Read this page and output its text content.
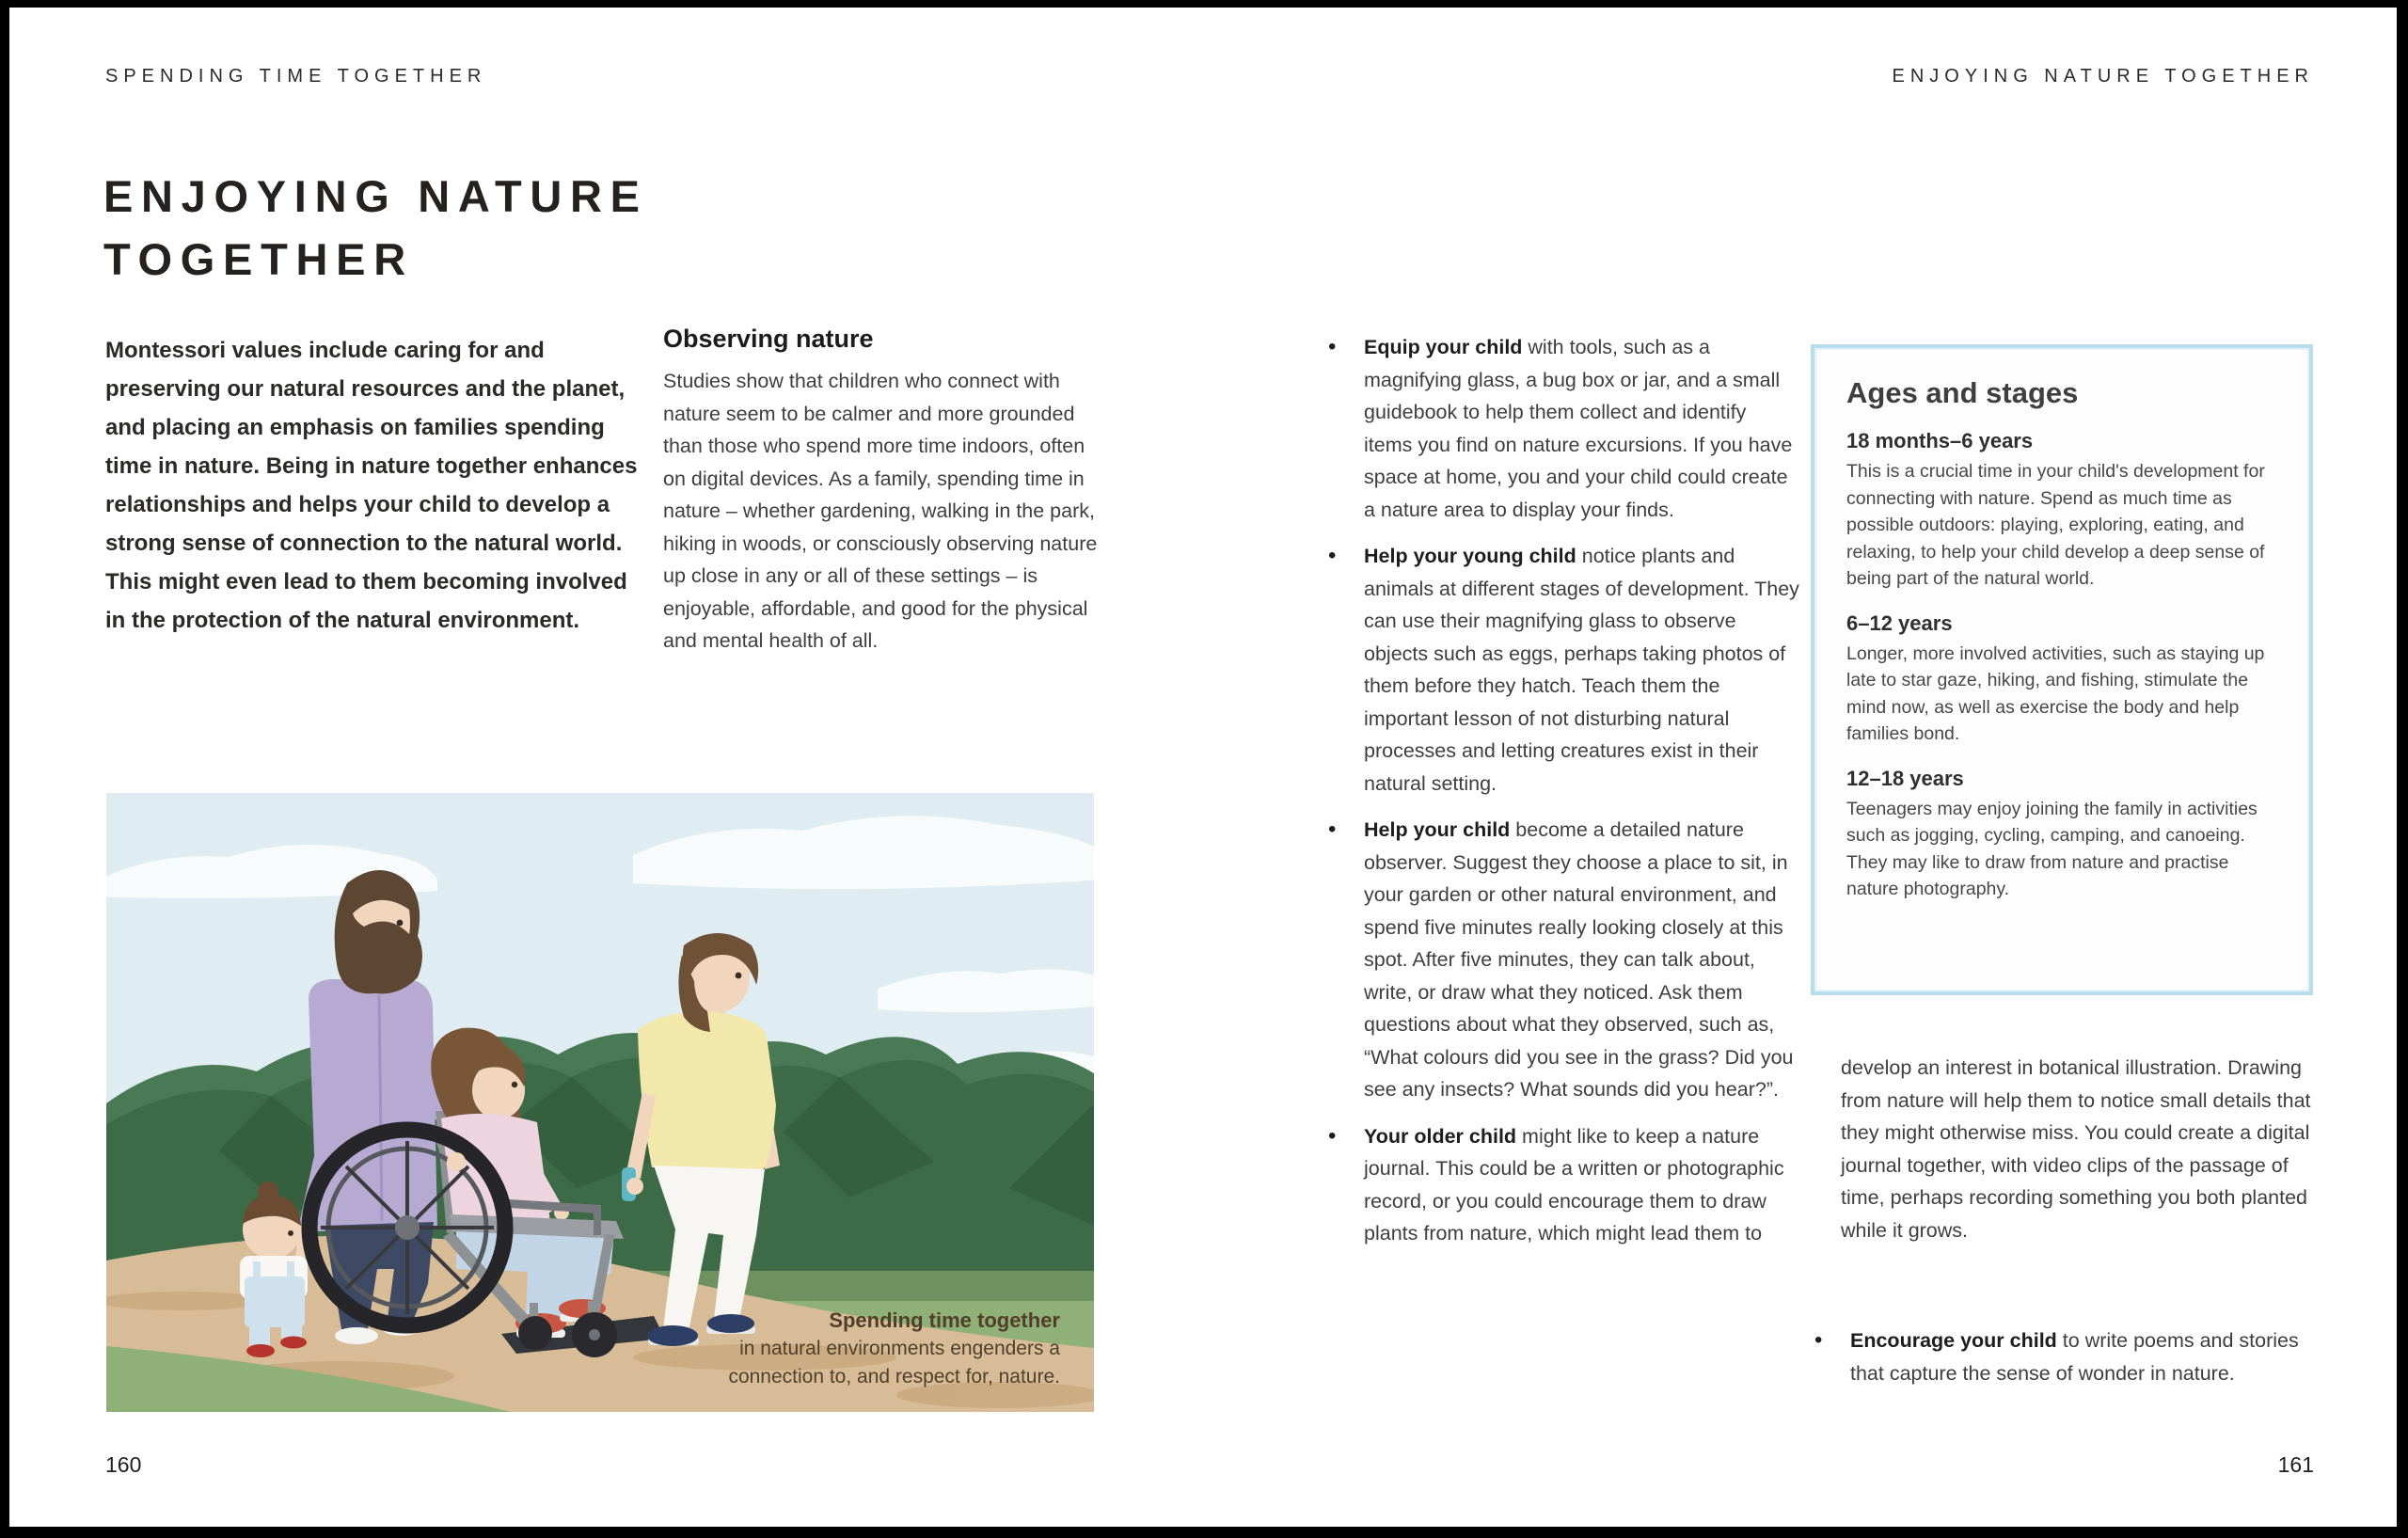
SPENDING TIME TOGETHER
ENJOYING NATURE
TOGETHER
Montessori values include caring for and preserving our natural resources and the planet, and placing an emphasis on families spending time in nature. Being in nature together enhances relationships and helps your child to develop a strong sense of connection to the natural world. This might even lead to them becoming involved in the protection of the natural environment.
Observing nature
Studies show that children who connect with nature seem to be calmer and more grounded than those who spend more time indoors, often on digital devices. As a family, spending time in nature – whether gardening, walking in the park, hiking in woods, or consciously observing nature up close in any or all of these settings – is enjoyable, affordable, and good for the physical and mental health of all.
Spending time together
in natural environments engenders a connection to, and respect for, nature.
160
ENJOYING NATURE TOGETHER
• Equip your child with tools, such as a magnifying glass, a bug box or jar, and a small guidebook to help them collect and identify items you find on nature excursions. If you have space at home, you and your child could create a nature area to display your finds.
• Help your young child notice plants and animals at different stages of development. They can use their magnifying glass to observe objects such as eggs, perhaps taking photos of them before they hatch. Teach them the important lesson of not disturbing natural processes and letting creatures exist in their natural setting.
• Help your child become a detailed nature observer. Suggest they choose a place to sit, in your garden or other natural environment, and spend five minutes really looking closely at this spot. After five minutes, they can talk about, write, or draw what they noticed. Ask them questions about what they observed, such as, “What colours did you see in the grass? Did you see any insects? What sounds did you hear?”.
• Your older child might like to keep a nature journal. This could be a written or photographic record, or you could encourage them to draw plants from nature, which might lead them to
Ages and stages
18 months–6 years
This is a crucial time in your child's development for connecting with nature. Spend as much time as possible outdoors: playing, exploring, eating, and relaxing, to help your child develop a deep sense of being part of the natural world.
6–12 years
Longer, more involved activities, such as staying up late to star gaze, hiking, and fishing, stimulate the mind now, as well as exercise the body and help families bond.
12–18 years
Teenagers may enjoy joining the family in activities such as jogging, cycling, camping, and canoeing. They may like to draw from nature and practise nature photography.
develop an interest in botanical illustration. Drawing from nature will help them to notice small details that they might otherwise miss. You could create a digital journal together, with video clips of the passage of time, perhaps recording something you both planted while it grows.
• Encourage your child to write poems and stories that capture the sense of wonder in nature.
161
